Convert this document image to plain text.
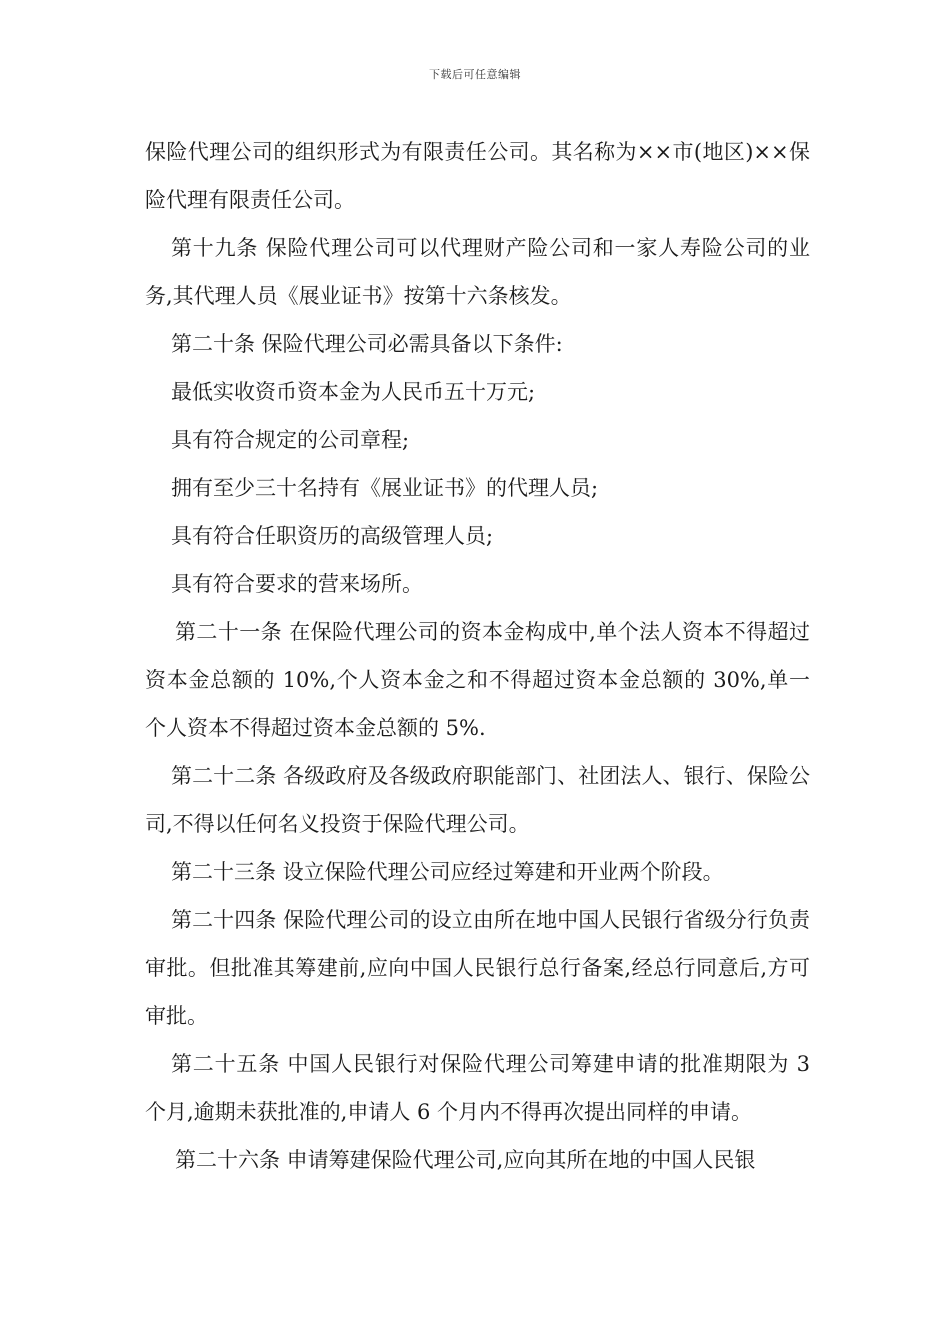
下载后可任意编辑

保险代理公司的组织形式为有限责任公司。其名称为××市(地区)××保险代理有限责任公司。

第十九条 保险代理公司可以代理财产险公司和一家人寿险公司的业务,其代理人员《展业证书》按第十六条核发。

第二十条 保险代理公司必需具备以下条件:

最低实收资币资本金为人民币五十万元;

具有符合规定的公司章程;

拥有至少三十名持有《展业证书》的代理人员;

具有符合任职资历的高级管理人员;

具有符合要求的营来场所。

第二十一条 在保险代理公司的资本金构成中,单个法人资本不得超过资本金总额的 10%,个人资本金之和不得超过资本金总额的 30%,单一个人资本不得超过资本金总额的 5%.

第二十二条 各级政府及各级政府职能部门、社团法人、银行、保险公司,不得以任何名义投资于保险代理公司。

第二十三条 设立保险代理公司应经过筹建和开业两个阶段。

第二十四条 保险代理公司的设立由所在地中国人民银行省级分行负责审批。但批准其筹建前,应向中国人民银行总行备案,经总行同意后,方可审批。

第二十五条 中国人民银行对保险代理公司筹建申请的批准期限为 3 个月,逾期未获批准的,申请人 6 个月内不得再次提出同样的申请。

第二十六条 申请筹建保险代理公司,应向其所在地的中国人民银
